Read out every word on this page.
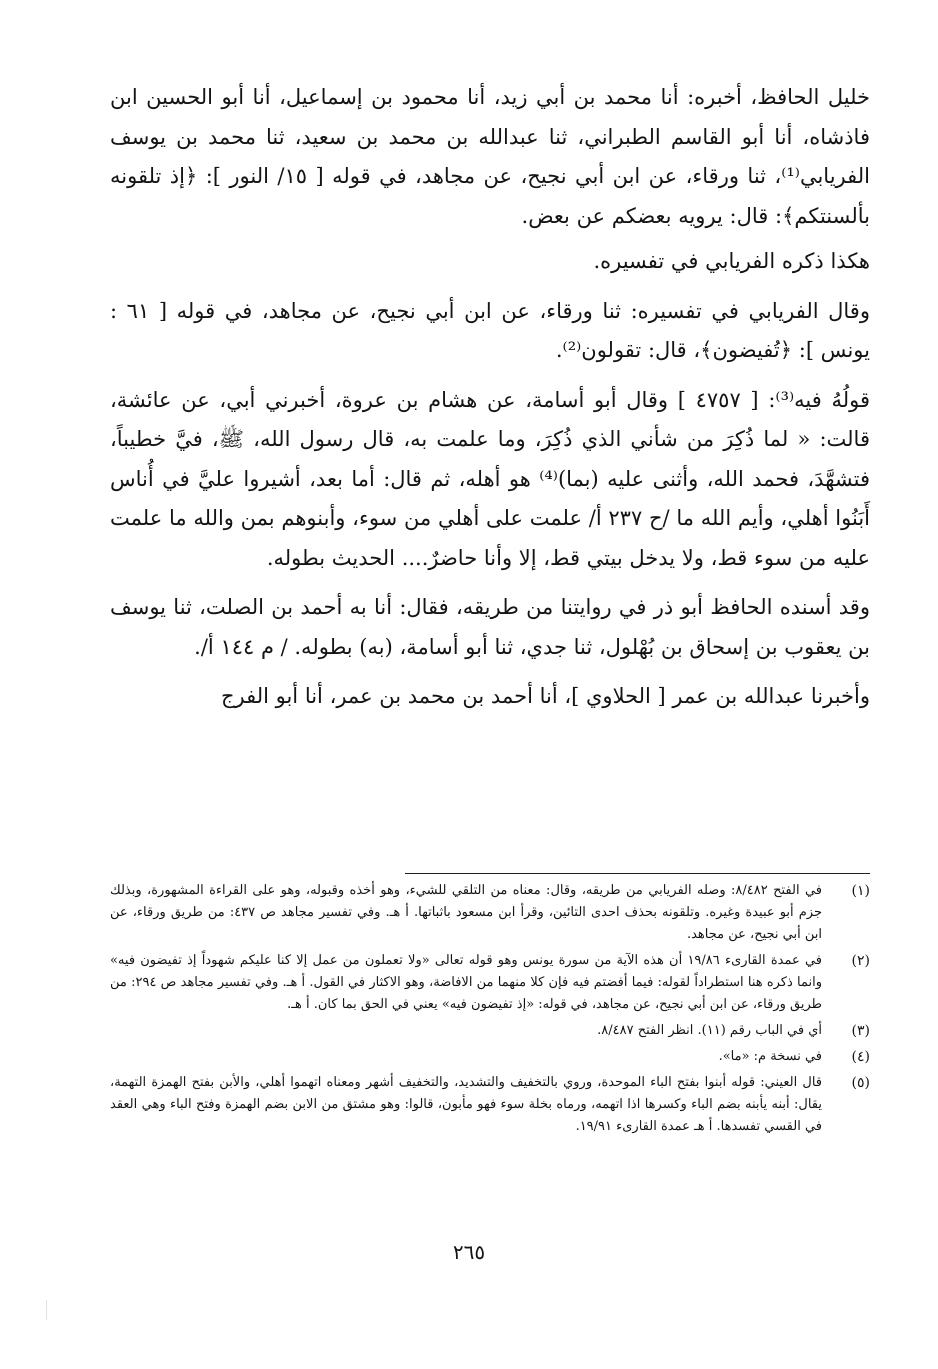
خليل الحافظ، أخبره: أنا محمد بن أبي زيد، أنا محمود بن إسماعيل، أنا أبو الحسين ابن فاذشاه، أنا أبو القاسم الطبراني، ثنا عبدالله بن محمد بن سعيد، ثنا محمد بن يوسف الفريابي⁽¹⁾، ثنا ورقاء، عن ابن أبي نجيح، عن مجاهد، في قوله [ ١٥/ النور ]: ﴿إذ تلقونه بألسنتكم﴾: قال: يرويه بعضكم عن بعض.

هكذا ذكره الفريابي في تفسيره.

وقال الفريابي في تفسيره: ثنا ورقاء، عن ابن أبي نجيح، عن مجاهد، في قوله [ ٦١ : يونس ]: ﴿تُفيضون﴾، قال: تقولون⁽²⁾.

قولُهُ فيه⁽³⁾: [ ٤٧٥٧ ] وقال أبو أسامة، عن هشام بن عروة، أخبرني أبي، عن عائشة، قالت: « لما ذُكِرَ من شأني الذي ذُكِرَ، وما علمت به، قال رسول الله، ﷺ، فيَّ خطيباً، فتشهَّدَ، فحمد الله، وأثنى عليه (بما)⁽⁴⁾ هو أهله، ثم قال: أما بعد، أشيروا عليَّ في أُناس أَبَنُوا أهلي، وأيم الله ما /ح ٢٣٧ أ/ علمت على أهلي من سوء، وأبنوهم بمن والله ما علمت عليه من سوء قط، ولا يدخل بيتي قط، إلا وأنا حاضرٌ.... الحديث بطوله.

وقد أسنده الحافظ أبو ذر في روايتنا من طريقه، فقال: أنا به أحمد بن الصلت، ثنا يوسف بن يعقوب بن إسحاق بن بُهْلول، ثنا جدي، ثنا أبو أسامة، (به) بطوله. / م ١٤٤ أ/.

وأخبرنا عبدالله بن عمر [ الحلاوي ]، أنا أحمد بن محمد بن عمر، أنا أبو الفرج

(١)
في الفتح ٨/٤٨٢: وصله الفريابي من طريقه، وقال: معناه من التلقي للشيء، وهو أخذه وقبوله، وهو على القراءة المشهورة، وبذلك جزم أبو عبيدة وغيره. وتلقونه بحذف احدى التائين، وقرأ ابن مسعود باثباتها. أ هـ. وفي تفسير مجاهد ص ٤٣٧: من طريق ورقاء، عن ابن أبي نجيح، عن مجاهد.
(٢)
في عمدة القارىء ١٩/٨٦ أن هذه الآية من سورة يونس وهو قوله تعالى «ولا تعملون من عمل إلا كنا عليكم شهوداً إذ تفيضون فيه» وانما ذكره هنا استطراداً لقوله: فيما أفضتم فيه فإن كلا منهما من الافاضة، وهو الاكثار في القول. أ هـ. وفي تفسير مجاهد ص ٢٩٤: من طريق ورقاء، عن ابن أبي نجيح، عن مجاهد، في قوله: «إذ تفيضون فيه» يعني في الحق بما كان. أ هـ.
(٣)
أي في الباب رقم (١١). انظر الفتح ٨/٤٨٧.
(٤)
في نسخة م: «ما».
(٥)
قال العيني: قوله أبنوا بفتح الباء الموحدة، وروي بالتخفيف والتشديد، والتخفيف أشهر ومعناه اتهموا أهلي، والأبن بفتح الهمزة التهمة، يقال: أبنه يأبنه بضم الباء وكسرها اذا اتهمه، ورماه بخلة سوء فهو مأبون، قالوا: وهو مشتق من الابن بضم الهمزة وفتح الباء وهي العقد في القسي تفسدها. أ هـ عمدة القارىء ١٩/٩١.
٢٦٥
